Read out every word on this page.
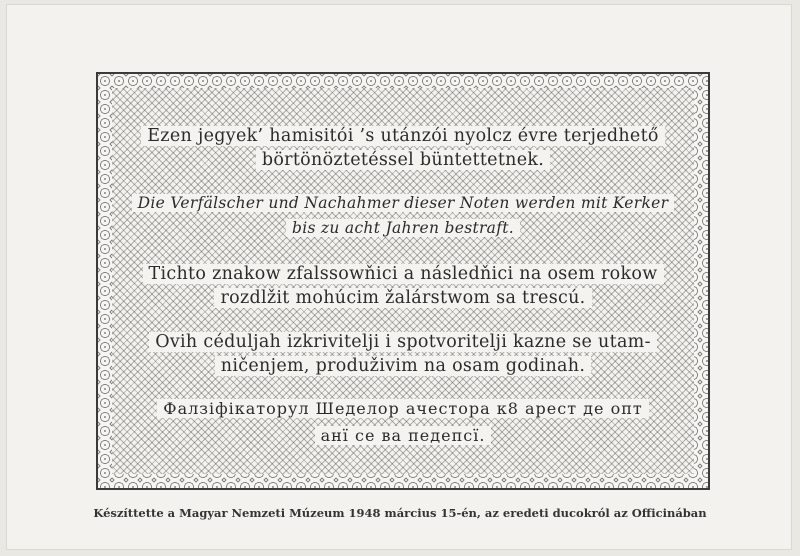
Ezen jegyek’ hamisitói ’s utánzói nyolcz évre terjedhető
börtönöztetéssel büntettetnek.
Die Verfälscher und Nachahmer dieser Noten werden mit Kerker
bis zu acht Jahren bestraft.
Tichto znakow zfalssowňici a následňici na osem rokow
rozdlžit mohúcim žalárstwom sa trescú.
Ovih céduljah izkrivitelji i spotvoritelji kazne se utam-
ničenjem, produživim na osam godinah.
Фалзіфікаторул Шеделор ачестора к8 арест де опт
анї се ва педепсї.
Készíttette a Magyar Nemzeti Múzeum 1948 március 15-én, az eredeti ducokról az Officinában
